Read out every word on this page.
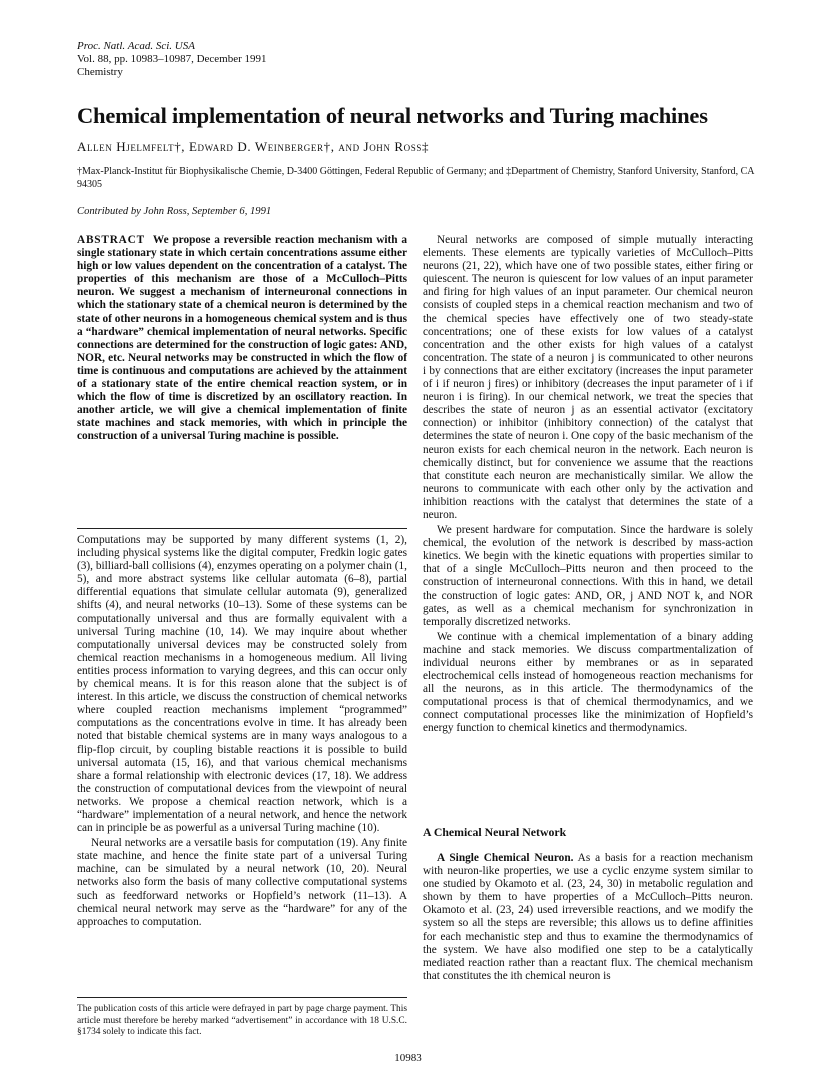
Proc. Natl. Acad. Sci. USA
Vol. 88, pp. 10983–10987, December 1991
Chemistry
Chemical implementation of neural networks and Turing machines
Allen Hjelmfelt†, Edward D. Weinberger†, and John Ross‡
†Max-Planck-Institut für Biophysikalische Chemie, D-3400 Göttingen, Federal Republic of Germany; and ‡Department of Chemistry, Stanford University, Stanford, CA 94305
Contributed by John Ross, September 6, 1991
ABSTRACT We propose a reversible reaction mechanism with a single stationary state in which certain concentrations assume either high or low values dependent on the concentration of a catalyst. The properties of this mechanism are those of a McCulloch–Pitts neuron. We suggest a mechanism of interneuronal connections in which the stationary state of a chemical neuron is determined by the state of other neurons in a homogeneous chemical system and is thus a “hardware” chemical implementation of neural networks. Specific connections are determined for the construction of logic gates: AND, NOR, etc. Neural networks may be constructed in which the flow of time is continuous and computations are achieved by the attainment of a stationary state of the entire chemical reaction system, or in which the flow of time is discretized by an oscillatory reaction. In another article, we will give a chemical implementation of finite state machines and stack memories, with which in principle the construction of a universal Turing machine is possible.

Computations may be supported by many different systems (1, 2), including physical systems like the digital computer, Fredkin logic gates (3), billiard-ball collisions (4), enzymes operating on a polymer chain (1, 5), and more abstract systems like cellular automata (6–8), partial differential equations that simulate cellular automata (9), generalized shifts (4), and neural networks (10–13). Some of these systems can be computationally universal and thus are formally equivalent with a universal Turing machine (10, 14). We may inquire about whether computationally universal devices may be constructed solely from chemical reaction mechanisms in a homogeneous medium. All living entities process information to varying degrees, and this can occur only by chemical means. It is for this reason alone that the subject is of interest. In this article, we discuss the construction of chemical networks where coupled reaction mechanisms implement “programmed” computations as the concentrations evolve in time. It has already been noted that bistable chemical systems are in many ways analogous to a flip-flop circuit, by coupling bistable reactions it is possible to build universal automata (15, 16), and that various chemical mechanisms share a formal relationship with electronic devices (17, 18). We address the construction of computational devices from the viewpoint of neural networks. We propose a chemical reaction network, which is a “hardware” implementation of a neural network, and hence the network can in principle be as powerful as a universal Turing machine (10).

Neural networks are a versatile basis for computation (19). Any finite state machine, and hence the finite state part of a universal Turing machine, can be simulated by a neural network (10, 20). Neural networks also form the basis of many collective computational systems such as feedforward networks or Hopfield’s network (11–13). A chemical neural network may serve as the “hardware” for any of the approaches to computation.

Neural networks are composed of simple mutually interacting elements. These elements are typically varieties of McCulloch–Pitts neurons (21, 22), which have one of two possible states, either firing or quiescent. The neuron is quiescent for low values of an input parameter and firing for high values of an input parameter. Our chemical neuron consists of coupled steps in a chemical reaction mechanism and two of the chemical species have effectively one of two steady-state concentrations; one of these exists for low values of a catalyst concentration and the other exists for high values of a catalyst concentration. The state of a neuron j is communicated to other neurons i by connections that are either excitatory (increases the input parameter of i if neuron j fires) or inhibitory (decreases the input parameter of i if neuron i is firing). In our chemical network, we treat the species that describes the state of neuron j as an essential activator (excitatory connection) or inhibitor (inhibitory connection) of the catalyst that determines the state of neuron i. One copy of the basic mechanism of the neuron exists for each chemical neuron in the network. Each neuron is chemically distinct, but for convenience we assume that the reactions that constitute each neuron are mechanistically similar. We allow the neurons to communicate with each other only by the activation and inhibition reactions with the catalyst that determines the state of a neuron.

We present hardware for computation. Since the hardware is solely chemical, the evolution of the network is described by mass-action kinetics. We begin with the kinetic equations with properties similar to that of a single McCulloch–Pitts neuron and then proceed to the construction of interneuronal connections. With this in hand, we detail the construction of logic gates: AND, OR, j AND NOT k, and NOR gates, as well as a chemical mechanism for synchronization in temporally discretized networks.

We continue with a chemical implementation of a binary adding machine and stack memories. We discuss compartmentalization of individual neurons either by membranes or as in separated electrochemical cells instead of homogeneous reaction mechanisms for all the neurons, as in this article. The thermodynamics of the computational process is that of chemical thermodynamics, and we connect computational processes like the minimization of Hopfield’s energy function to chemical kinetics and thermodynamics.

A Chemical Neural Network

A Single Chemical Neuron. As a basis for a reaction mechanism with neuron-like properties, we use a cyclic enzyme system similar to one studied by Okamoto et al. (23, 24, 30) in metabolic regulation and shown by them to have properties of a McCulloch–Pitts neuron. Okamoto et al. (23, 24) used irreversible reactions, and we modify the system so all the steps are reversible; this allows us to define affinities for each mechanistic step and thus to examine the thermodynamics of the system. We have also modified one step to be a catalytically mediated reaction rather than a reactant flux. The chemical mechanism that constitutes the ith chemical neuron is

The publication costs of this article were defrayed in part by page charge payment. This article must therefore be hereby marked “advertisement” in accordance with 18 U.S.C. §1734 solely to indicate this fact.
10983
